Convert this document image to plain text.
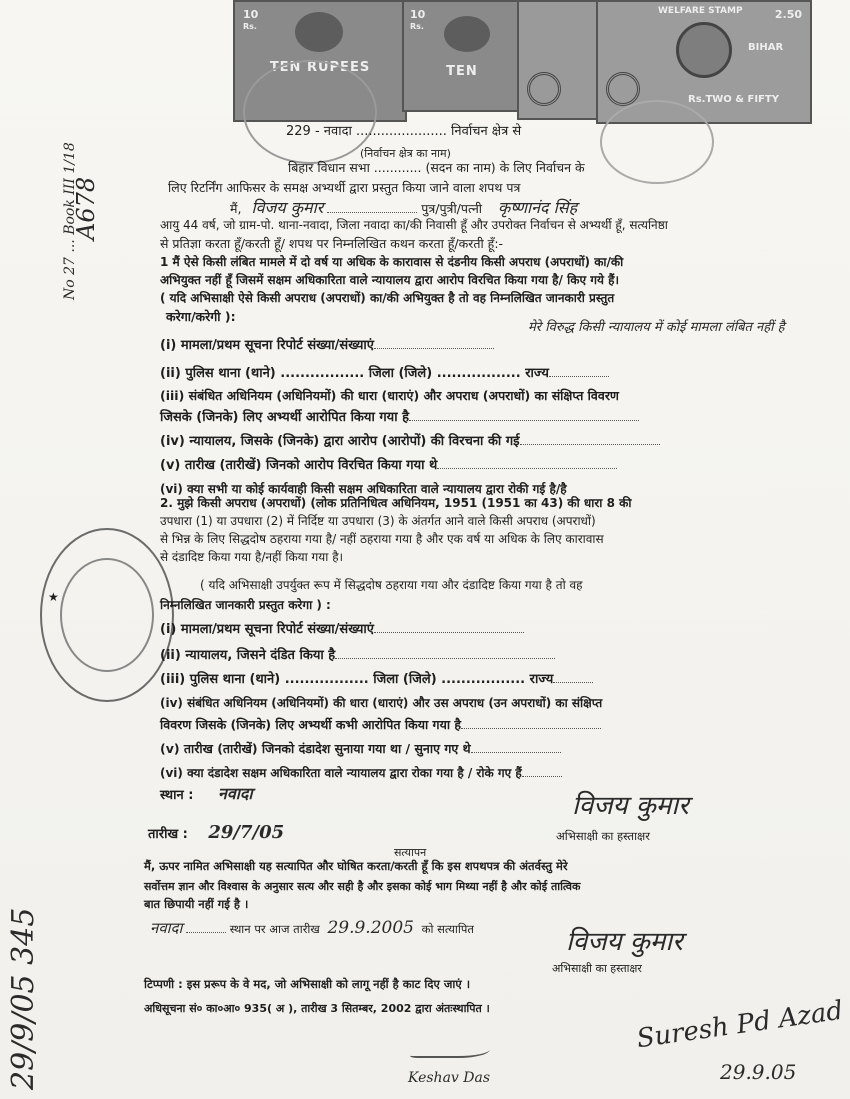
10
Rs.
TEN RUPEES
10
Rs.
TEN
WELFARE STAMP	2.50
BIHAR
Rs.TWO & FIFTY
No 27 ... Book III 1/18
A678
29/9/05 345
★
229 - नवादा ...................... निर्वाचन क्षेत्र से
(निर्वाचन क्षेत्र का नाम)
बिहार विधान सभा ............ (सदन का नाम) के लिए निर्वाचन के
लिए रिटर्निंग आफिसर के समक्ष अभ्यर्थी द्वारा प्रस्तुत किया जाने वाला शपथ पत्र
मैं, विजय कुमार	पुत्र/पुत्री/पत्नी कृष्णानंद सिंह
आयु 44 वर्ष, जो ग्राम-पो. थाना-नवादा, जिला नवादा का/की निवासी हूँ और उपरोक्त निर्वाचन से अभ्यर्थी हूँ, सत्यनिष्ठा
से प्रतिज्ञा करता हूँ/करती हूँ/ शपथ पर निम्नलिखित कथन करता हूँ/करती हूँ:-
1 मैं ऐसे किसी लंबित मामले में दो वर्ष या अधिक के कारावास से दंडनीय किसी अपराध (अपराधों) का/की
अभियुक्त नहीं हूँ जिसमें सक्षम अधिकारिता वाले न्यायालय द्वारा आरोप विरचित किया गया है/ किए गये हैं।
( यदि अभिसाक्षी ऐसे किसी अपराध (अपराधों) का/की अभियुक्त है तो वह निम्नलिखित जानकारी प्रस्तुत
करेगा/करेगी ):
(i) मामला/प्रथम सूचना रिपोर्ट संख्या/संख्याएं
(ii) पुलिस थाना (थाने) ................. जिला (जिले) ................. राज्य
(iii) संबंधित अधिनियम (अधिनियमों) की धारा (धाराएं) और अपराध (अपराधों) का संक्षिप्त विवरण
जिसके (जिनके) लिए अभ्यर्थी आरोपित किया गया है
(iv) न्यायालय, जिसके (जिनके) द्वारा आरोप (आरोपों) की विरचना की गई
(v) तारीख (तारीखें) जिनको आरोप विरचित किया गया थे
(vi) क्या सभी या कोई कार्यवाही किसी सक्षम अधिकारिता वाले न्यायालय द्वारा रोकी गई है/है
मेरे विरुद्ध किसी न्यायालय में कोई मामला लंबित नहीं है
2. मुझे किसी अपराध (अपराधों) (लोक प्रतिनिधित्व अधिनियम, 1951 (1951 का 43) की धारा 8 की
उपधारा (1) या उपधारा (2) में निर्दिष्ट या उपधारा (3) के अंतर्गत आने वाले किसी अपराध (अपराधों)
से भिन्न के लिए सिद्धदोष ठहराया गया है/ नहीं ठहराया गया है और एक वर्ष या अधिक के लिए कारावास
से दंडादिष्ट किया गया है/नहीं किया गया है।
( यदि अभिसाक्षी उपर्युक्त रूप में सिद्धदोष ठहराया गया और दंडादिष्ट किया गया है तो वह
निम्नलिखित जानकारी प्रस्तुत करेगा ) :
(i) मामला/प्रथम सूचना रिपोर्ट संख्या/संख्याएं
(ii) न्यायालय, जिसने दंडित किया है
(iii) पुलिस थाना (थाने) ................. जिला (जिले) ................. राज्य
(iv) संबंधित अधिनियम (अधिनियमों) की धारा (धाराएं) और उस अपराध (उन अपराधों) का संक्षिप्त
विवरण जिसके (जिनके) लिए अभ्यर्थी कभी आरोपित किया गया है
(v) तारीख (तारीखें) जिनको दंडादेश सुनाया गया था / सुनाए गए थे
(vi) क्या दंडादेश सक्षम अधिकारिता वाले न्यायालय द्वारा रोका गया है / रोके गए हैं
स्थान : नवादा
तारीख : 29/7/05
विजय कुमार
अभिसाक्षी का हस्ताक्षर
सत्यापन
मैं, ऊपर नामित अभिसाक्षी यह सत्यापित और घोषित करता/करती हूँ कि इस शपथपत्र की अंतर्वस्तु मेरे
सर्वोत्तम ज्ञान और विश्वास के अनुसार सत्य और सही है और इसका कोई भाग मिथ्या नहीं है और कोई तात्विक
बात छिपायी नहीं गई है ।
नवादा	स्थान पर आज तारीख 29.9.2005 को सत्यापित	विजय कुमार
अभिसाक्षी का हस्ताक्षर
टिप्पणी : इस प्ररूप के वे मद, जो अभिसाक्षी को लागू नहीं है काट दिए जाएं ।
अधिसूचना सं० का०आ० 935( अ ), तारीख 3 सितम्बर, 2002 द्वारा अंतःस्थापित ।
Keshav Das
Suresh Pd Azad
29.9.05
